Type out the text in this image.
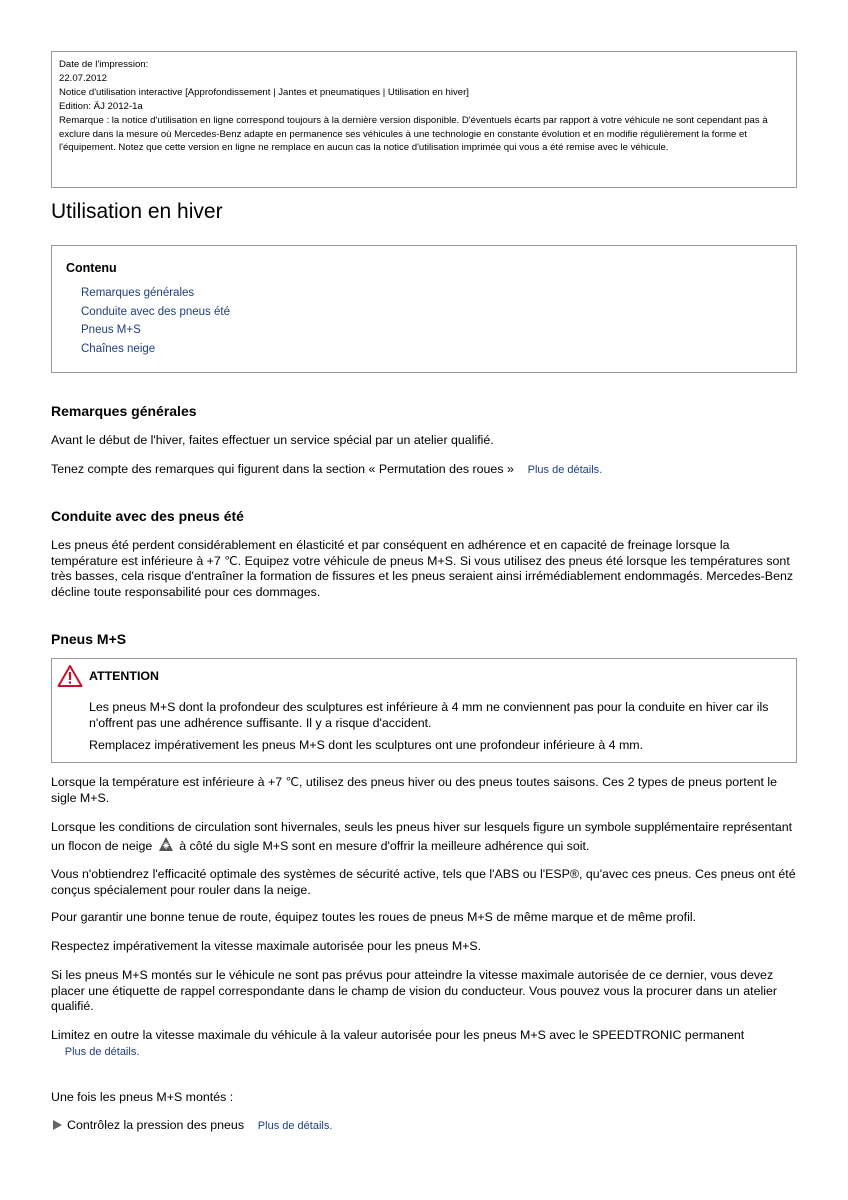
Date de l'impression:
22.07.2012
Notice d'utilisation interactive [Approfondissement | Jantes et pneumatiques | Utilisation en hiver]
Edition: ÄJ 2012-1a
Remarque : la notice d'utilisation en ligne correspond toujours à la dernière version disponible. D'éventuels écarts par rapport à votre véhicule ne sont cependant pas à exclure dans la mesure où Mercedes-Benz adapte en permanence ses véhicules à une technologie en constante évolution et en modifie régulièrement la forme et l'équipement. Notez que cette version en ligne ne remplace en aucun cas la notice d'utilisation imprimée qui vous a été remise avec le véhicule.
Utilisation en hiver
Contenu
Remarques générales
Conduite avec des pneus été
Pneus M+S
Chaînes neige
Remarques générales

Avant le début de l'hiver, faites effectuer un service spécial par un atelier qualifié.

Tenez compte des remarques qui figurent dans la section « Permutation des roues » Plus de détails.

Conduite avec des pneus été

Les pneus été perdent considérablement en élasticité et par conséquent en adhérence et en capacité de freinage lorsque la température est inférieure à +7 ℃. Equipez votre véhicule de pneus M+S. Si vous utilisez des pneus été lorsque les températures sont très basses, cela risque d'entraîner la formation de fissures et les pneus seraient ainsi irrémédiablement endommagés. Mercedes-Benz décline toute responsabilité pour ces dommages.

Pneus M+S
ATTENTION

Les pneus M+S dont la profondeur des sculptures est inférieure à 4 mm ne conviennent pas pour la conduite en hiver car ils n'offrent pas une adhérence suffisante. Il y a risque d'accident.

Remplacez impérativement les pneus M+S dont les sculptures ont une profondeur inférieure à 4 mm.

Lorsque la température est inférieure à +7 ℃, utilisez des pneus hiver ou des pneus toutes saisons. Ces 2 types de pneus portent le sigle M+S.

Lorsque les conditions de circulation sont hivernales, seuls les pneus hiver sur lesquels figure un symbole supplémentaire représentant un flocon de neige à côté du sigle M+S sont en mesure d'offrir la meilleure adhérence qui soit.

Vous n'obtiendrez l'efficacité optimale des systèmes de sécurité active, tels que l'ABS ou l'ESP®, qu'avec ces pneus. Ces pneus ont été conçus spécialement pour rouler dans la neige.

Pour garantir une bonne tenue de route, équipez toutes les roues de pneus M+S de même marque et de même profil.

Respectez impérativement la vitesse maximale autorisée pour les pneus M+S.

Si les pneus M+S montés sur le véhicule ne sont pas prévus pour atteindre la vitesse maximale autorisée de ce dernier, vous devez placer une étiquette de rappel correspondante dans le champ de vision du conducteur. Vous pouvez vous la procurer dans un atelier qualifié.

Limitez en outre la vitesse maximale du véhicule à la valeur autorisée pour les pneus M+S avec le SPEEDTRONIC permanent
Plus de détails.

Une fois les pneus M+S montés :

Contrôlez la pression des pneus Plus de détails.
